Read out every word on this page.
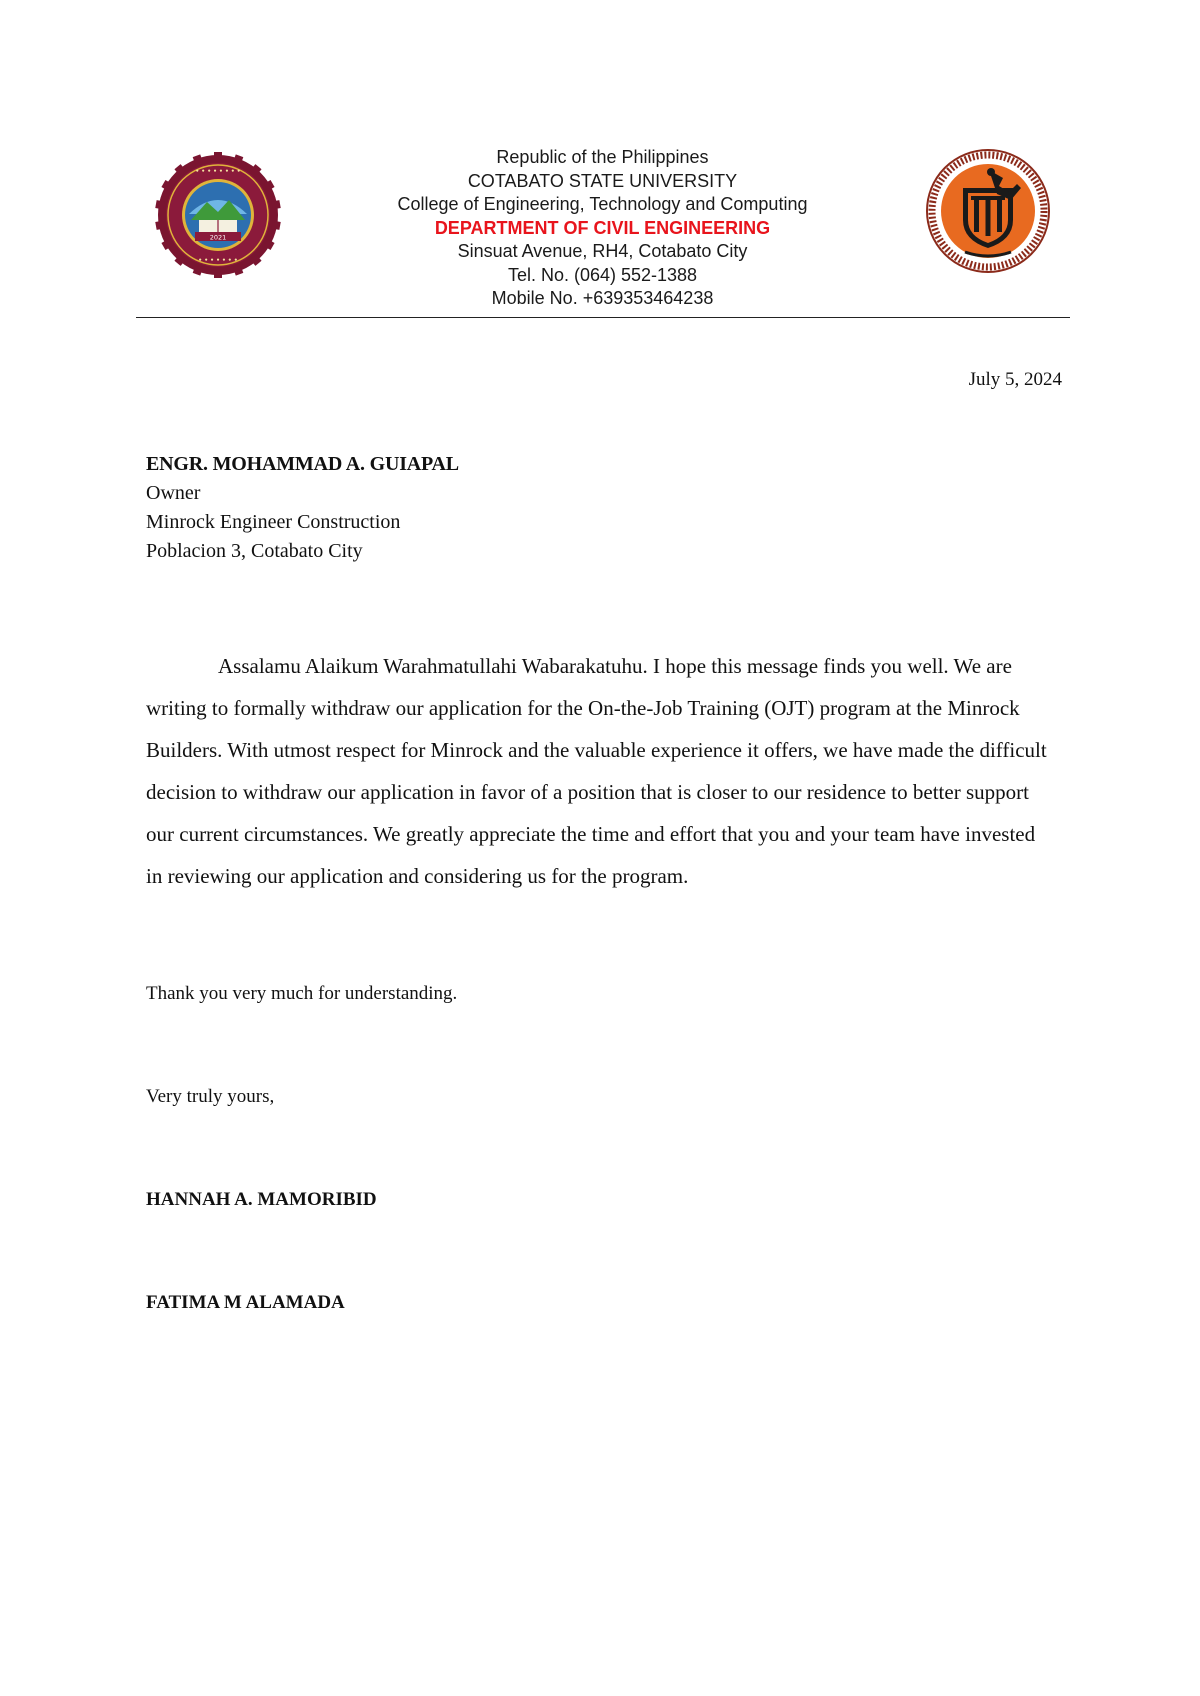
2021
• • • • • • • •
• • • • • • •
Republic of the Philippines
COTABATO STATE UNIVERSITY
College of Engineering, Technology and Computing
DEPARTMENT OF CIVIL ENGINEERING
Sinsuat Avenue, RH4, Cotabato City
Tel. No. (064) 552-1388
Mobile No. +639353464238
July 5, 2024
ENGR. MOHAMMAD A. GUIAPAL
Owner
Minrock Engineer Construction
Poblacion 3, Cotabato City

Assalamu Alaikum Warahmatullahi Wabarakatuhu. I hope this message finds you well. We are writing to formally withdraw our application for the On-the-Job Training (OJT) program at the Minrock Builders. With utmost respect for Minrock and the valuable experience it offers, we have made the difficult decision to withdraw our application in favor of a position that is closer to our residence to better support our current circumstances. We greatly appreciate the time and effort that you and your team have invested in reviewing our application and considering us for the program.

Thank you very much for understanding.
Very truly yours,
HANNAH A. MAMORIBID
FATIMA M ALAMADA
